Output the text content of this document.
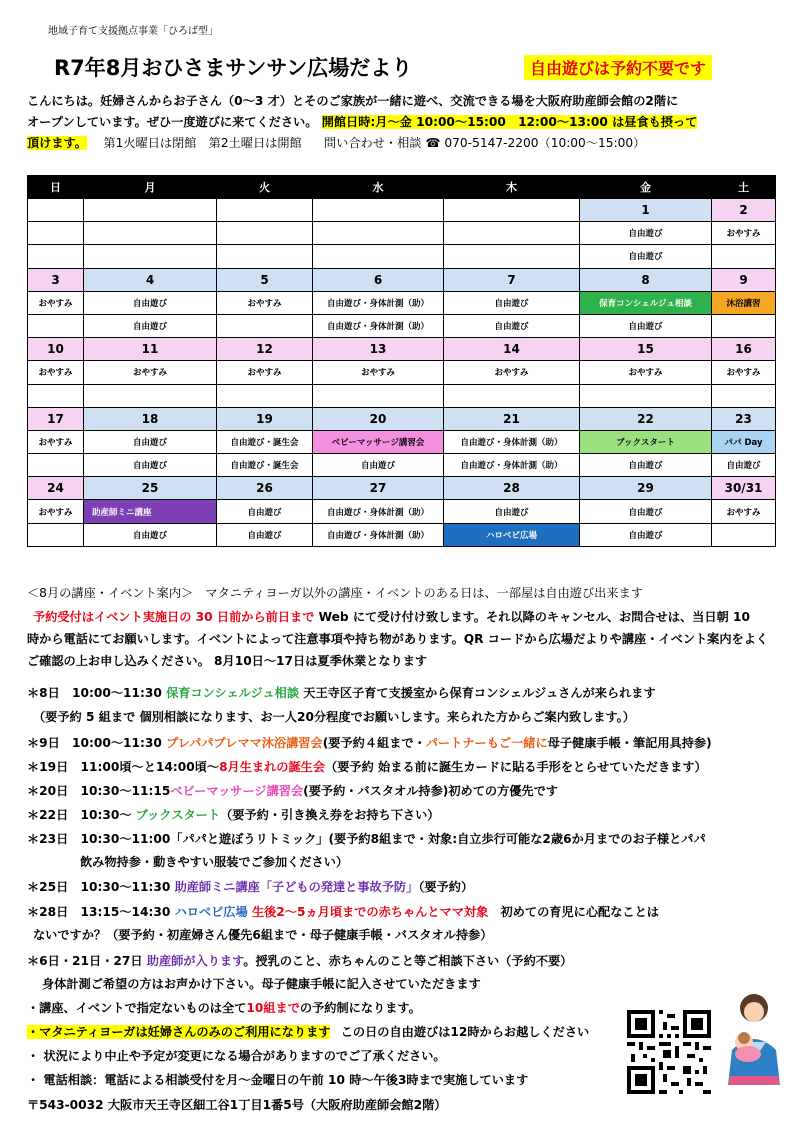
地域子育て支援拠点事業「ひろば型」
R7年8月おひさまサンサン広場だより	自由遊びは予約不要です
こんにちは。妊婦さんからお子さん（0～3 才）とそのご家族が一緒に遊べ、交流できる場を大阪府助産師会館の2階に
オープンしています。ぜひ一度遊びに来てください。 開館日時:月～金 10:00～15:00　12:00～13:00 は昼食も摂って
頂けます。 　第1火曜日は閉館　第2土曜日は開館 問い合わせ・相談 ☎ 070-5147-2200（10:00～15:00）
日	月	火	水	木	金	土
					1	2
					自由遊び	おやすみ
					自由遊び	
3	4	5	6	7	8	9
おやすみ	自由遊び	おやすみ	自由遊び・身体計測（助）	自由遊び	保育コンシェルジュ相談	沐浴講習
	自由遊び		自由遊び・身体計測（助）	自由遊び	自由遊び	
10	11	12	13	14	15	16
おやすみ	おやすみ	おやすみ	おやすみ	おやすみ	おやすみ	おやすみ

17	18	19	20	21	22	23
おやすみ	自由遊び	自由遊び・誕生会	ベビーマッサージ講習会	自由遊び・身体計測（助）	ブックスタート	パパ Day
	自由遊び	自由遊び・誕生会	自由遊び	自由遊び・身体計測（助）	自由遊び	自由遊び
24	25	26	27	28	29	30/31
おやすみ	助産師ミニ講座	自由遊び	自由遊び・身体計測（助）	自由遊び	自由遊び	おやすみ
	自由遊び	自由遊び	自由遊び・身体計測（助）	ハロベビ広場	自由遊び	
＜8月の講座・イベント案内＞　マタニティヨーガ以外の講座・イベントのある日は、一部屋は自由遊び出来ます
予約受付はイベント実施日の 30 日前から前日まで Web にて受け付け致します。それ以降のキャンセル、お問合せは、当日朝 10
時から電話にてお願いします。イベントによって注意事項や持ち物があります。QR コードから広場だよりや講座・イベント案内をよく
ご確認の上お申し込みください。 8月10日～17日は夏季休業となります
＊8日　10:00～11:30 保育コンシェルジュ相談 天王寺区子育て支援室から保育コンシェルジュさんが来られます
（要予約 5 組まで 個別相談になります、お一人20分程度でお願いします。来られた方からご案内致します。）
＊9日　10:00～11:30 プレパパプレママ沐浴講習会(要予約４組まで・パートナーもご一緒に母子健康手帳・筆記用具持参)
＊19日　11:00頃～と14:00頃～8月生まれの誕生会（要予約 始まる前に誕生カードに貼る手形をとらせていただきます）
＊20日　10:30～11:15ベビーマッサージ講習会(要予約・バスタオル持参)初めての方優先です
＊22日　10:30～ ブックスタート（要予約・引き換え券をお持ち下さい）
＊23日　10:30～11:00「パパと遊ぼうリトミック」(要予約8組まで・対象:自立歩行可能な2歳6か月までのお子様とパパ
飲み物持参・動きやすい服装でご参加ください）
＊25日　10:30～11:30 助産師ミニ講座「子どもの発達と事故予防」（要予約）
＊28日　13:15～14:30 ハロベビ広場 生後2～5ヵ月頃までの赤ちゃんとママ対象 初めての育児に心配なことは
ないですか？（要予約・初産婦さん優先6組まで・母子健康手帳・バスタオル持参）
＊6日・21日・27日 助産師が入ります。授乳のこと、赤ちゃんのこと等ご相談下さい（予約不要）
身体計測ご希望の方はお声かけ下さい。母子健康手帳に記入させていただきます
・講座、イベントで指定ないものは全て10組までの予約制になります。
・マタニティヨーガは妊婦さんのみのご利用になります この日の自由遊びは12時からお越しください
・ 状況により中止や予定が変更になる場合がありますのでご了承ください。
・ 電話相談：電話による相談受付を月～金曜日の午前 10 時～午後3時まで実施しています
〒543-0032 大阪市天王寺区細工谷1丁目1番5号（大阪府助産師会館2階）
